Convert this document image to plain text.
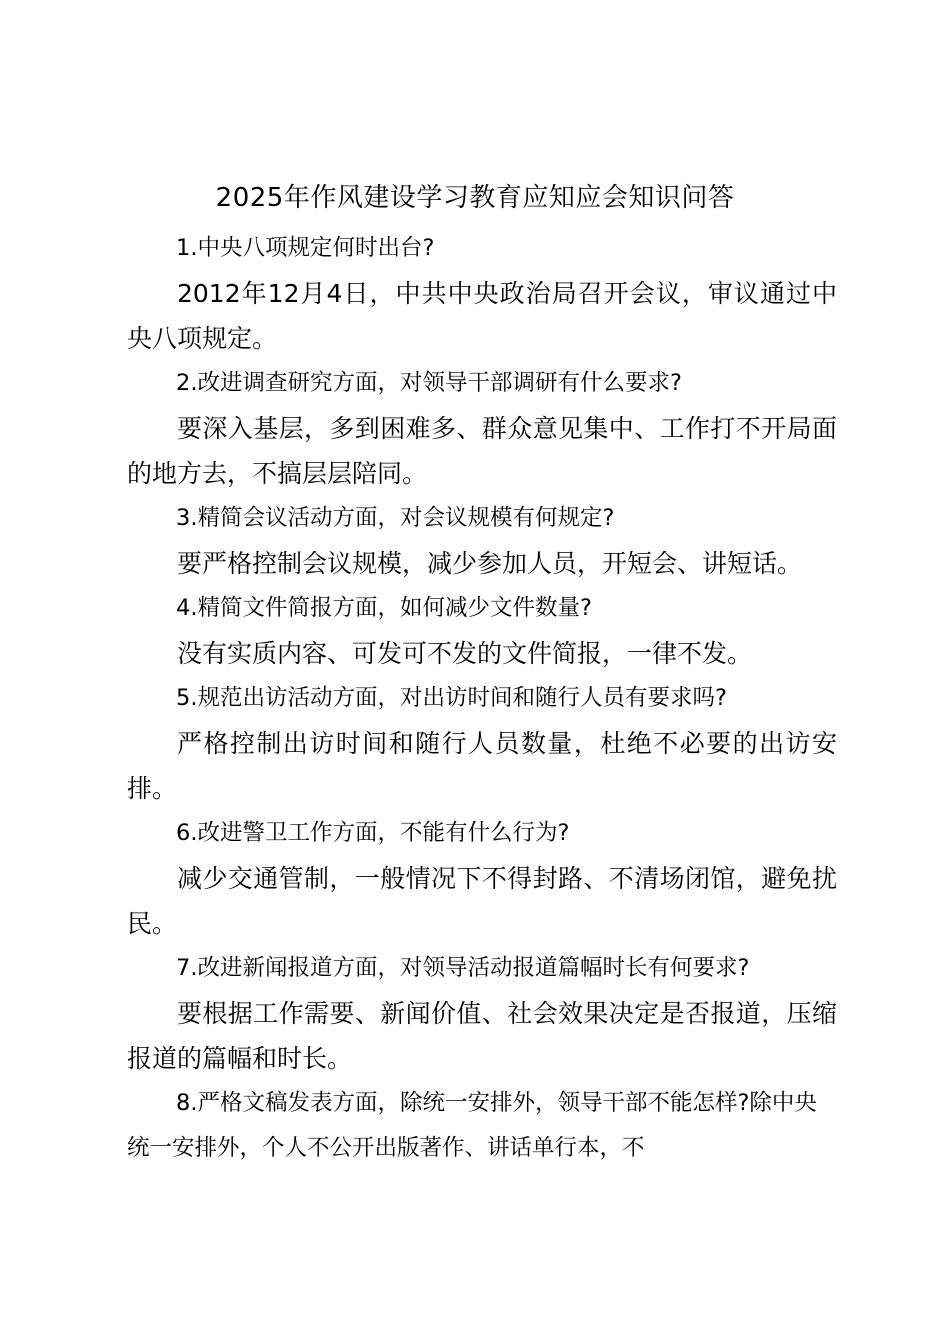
2025年作风建设学习教育应知应会知识问答

1.中央八项规定何时出台?

2012年12月4日，中共中央政治局召开会议，审议通过中央八项规定。

2.改进调查研究方面，对领导干部调研有什么要求?

要深入基层，多到困难多、群众意见集中、工作打不开局面的地方去，不搞层层陪同。

3.精简会议活动方面，对会议规模有何规定?

要严格控制会议规模，减少参加人员，开短会、讲短话。

4.精简文件简报方面，如何减少文件数量?

没有实质内容、可发可不发的文件简报，一律不发。

5.规范出访活动方面，对出访时间和随行人员有要求吗?

严格控制出访时间和随行人员数量，杜绝不必要的出访安排。

6.改进警卫工作方面，不能有什么行为?

减少交通管制，一般情况下不得封路、不清场闭馆，避免扰民。

7.改进新闻报道方面，对领导活动报道篇幅时长有何要求?

要根据工作需要、新闻价值、社会效果决定是否报道，压缩报道的篇幅和时长。

8.严格文稿发表方面，除统一安排外，领导干部不能怎样?除中央统一安排外，个人不公开出版著作、讲话单行本，不
